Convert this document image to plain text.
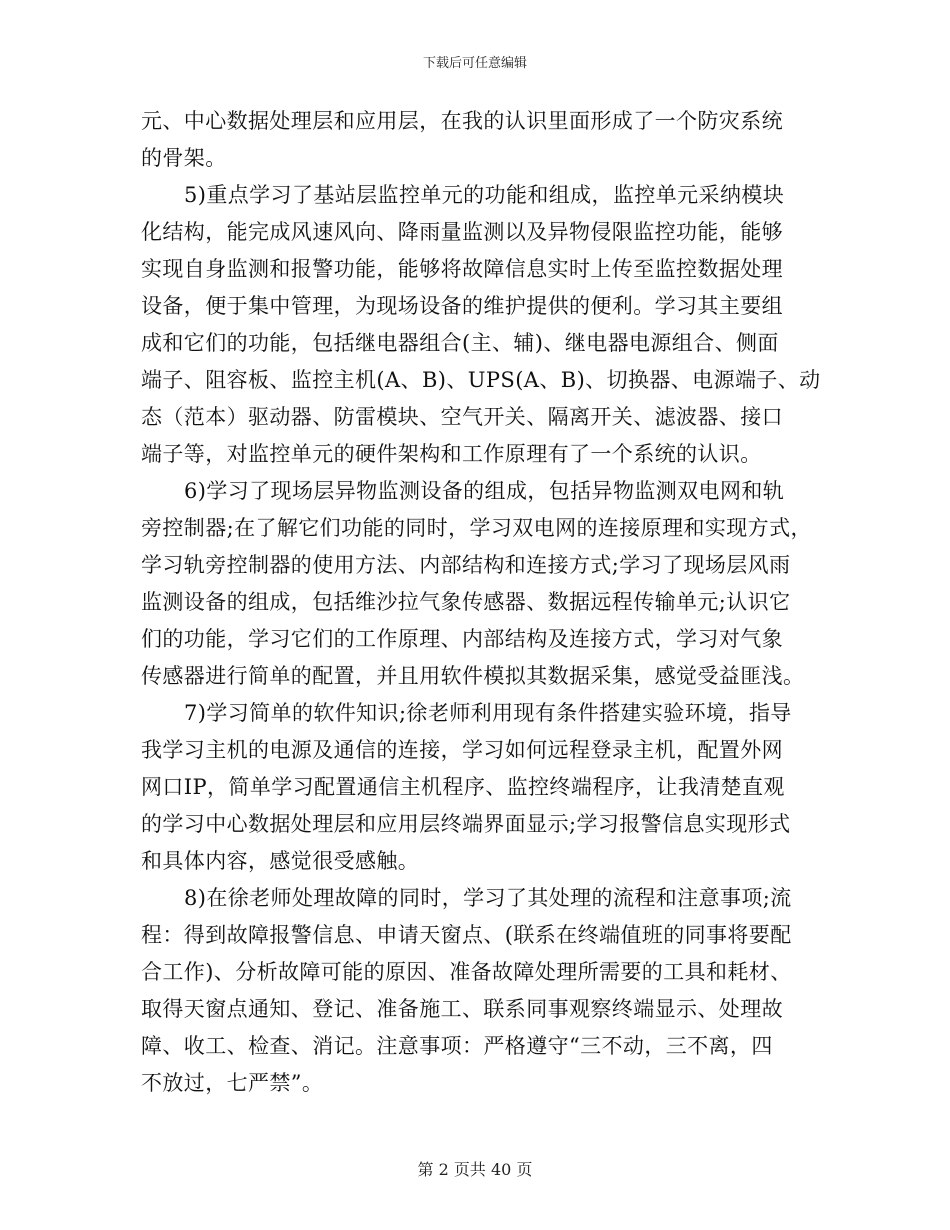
下载后可任意编辑
元、中心数据处理层和应用层，在我的认识里面形成了一个防灾系统
的骨架。
5)重点学习了基站层监控单元的功能和组成，监控单元采纳模块
化结构，能完成风速风向、降雨量监测以及异物侵限监控功能，能够
实现自身监测和报警功能，能够将故障信息实时上传至监控数据处理
设备，便于集中管理，为现场设备的维护提供的便利。学习其主要组
成和它们的功能，包括继电器组合(主、辅)、继电器电源组合、侧面
端子、阻容板、监控主机(A、B)、UPS(A、B)、切换器、电源端子、动
态（范本）驱动器、防雷模块、空气开关、隔离开关、滤波器、接口
端子等，对监控单元的硬件架构和工作原理有了一个系统的认识。
6)学习了现场层异物监测设备的组成，包括异物监测双电网和轨
旁控制器;在了解它们功能的同时，学习双电网的连接原理和实现方式，
学习轨旁控制器的使用方法、内部结构和连接方式;学习了现场层风雨
监测设备的组成，包括维沙拉气象传感器、数据远程传输单元;认识它
们的功能，学习它们的工作原理、内部结构及连接方式，学习对气象
传感器进行简单的配置，并且用软件模拟其数据采集，感觉受益匪浅。
7)学习简单的软件知识;徐老师利用现有条件搭建实验环境，指导
我学习主机的电源及通信的连接，学习如何远程登录主机，配置外网
网口IP，简单学习配置通信主机程序、监控终端程序，让我清楚直观
的学习中心数据处理层和应用层终端界面显示;学习报警信息实现形式
和具体内容，感觉很受感触。
8)在徐老师处理故障的同时，学习了其处理的流程和注意事项;流
程：得到故障报警信息、申请天窗点、(联系在终端值班的同事将要配
合工作)、分析故障可能的原因、准备故障处理所需要的工具和耗材、
取得天窗点通知、登记、准备施工、联系同事观察终端显示、处理故
障、收工、检查、消记。注意事项：严格遵守“三不动，三不离，四
不放过，七严禁”。
第 2 页共 40 页
